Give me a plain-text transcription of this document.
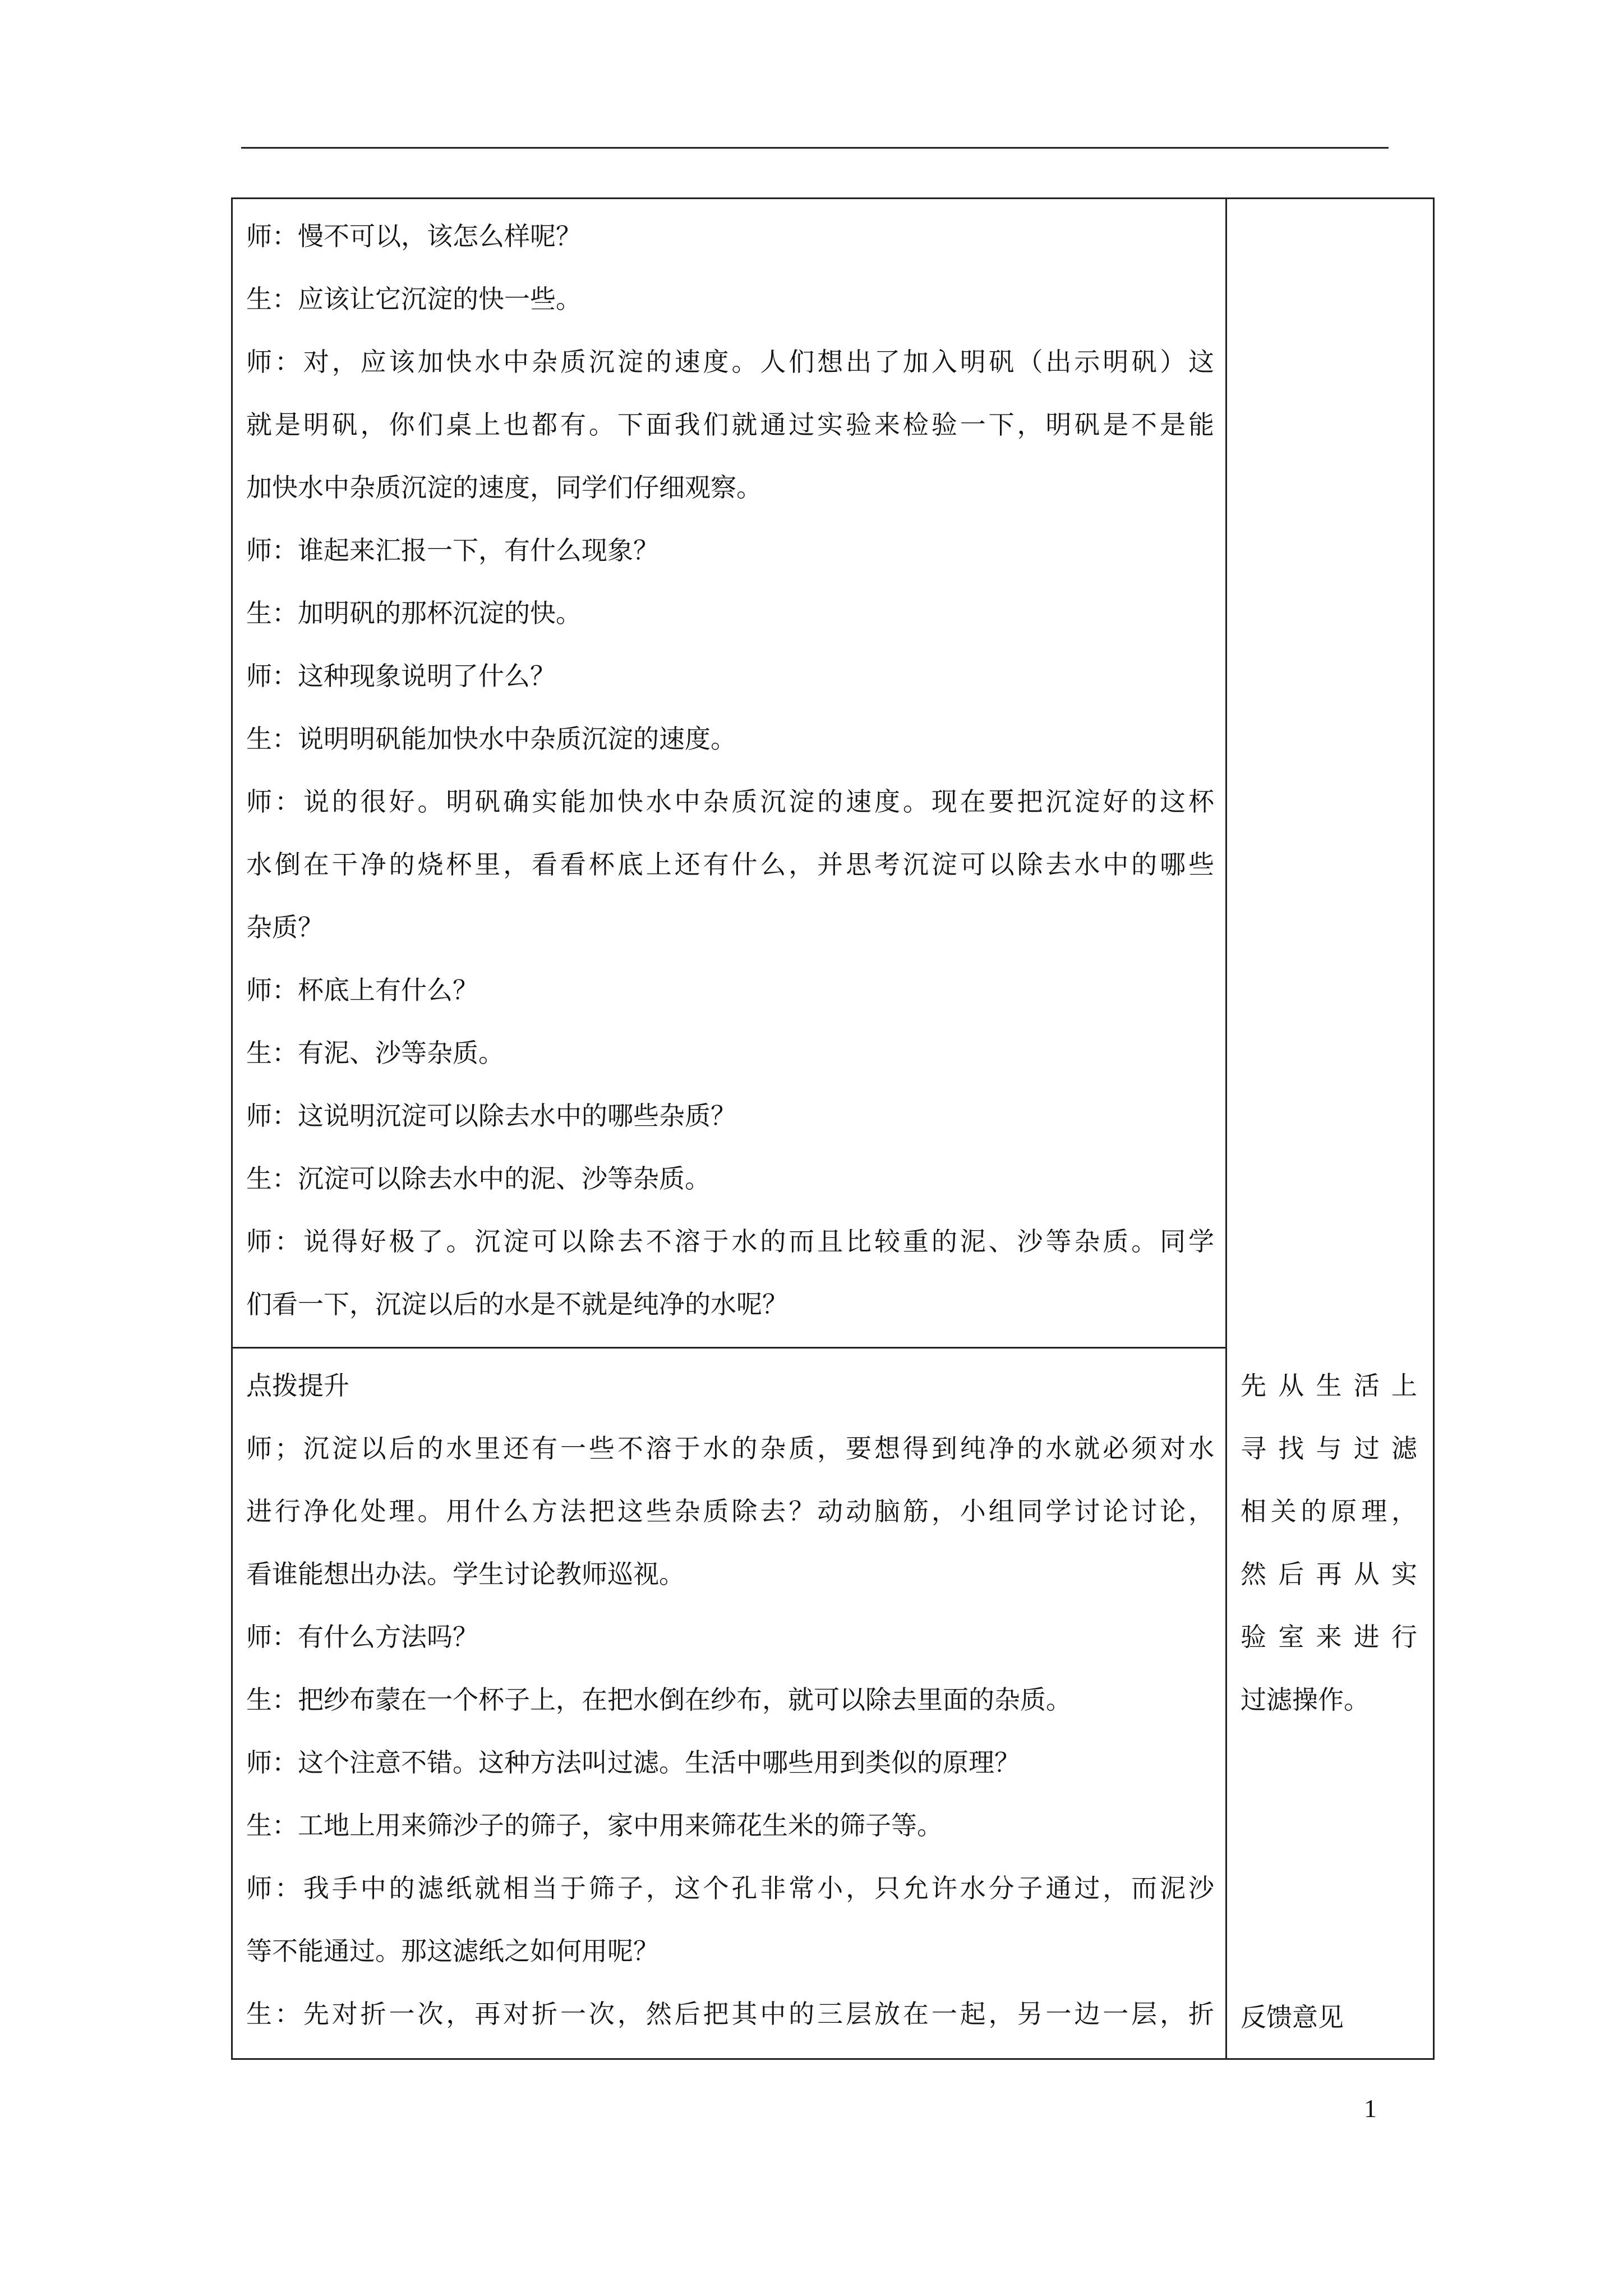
师：慢不可以，该怎么样呢？
生：应该让它沉淀的快一些。
师：对，应该加快水中杂质沉淀的速度。人们想出了加入明矾（出示明矾）这
就是明矾，你们桌上也都有。下面我们就通过实验来检验一下，明矾是不是能
加快水中杂质沉淀的速度，同学们仔细观察。
师：谁起来汇报一下，有什么现象？
生：加明矾的那杯沉淀的快。
师：这种现象说明了什么？
生：说明明矾能加快水中杂质沉淀的速度。
师：说的很好。明矾确实能加快水中杂质沉淀的速度。现在要把沉淀好的这杯
水倒在干净的烧杯里，看看杯底上还有什么，并思考沉淀可以除去水中的哪些
杂质？
师：杯底上有什么？
生：有泥、沙等杂质。
师：这说明沉淀可以除去水中的哪些杂质？
生：沉淀可以除去水中的泥、沙等杂质。
师：说得好极了。沉淀可以除去不溶于水的而且比较重的泥、沙等杂质。同学
们看一下，沉淀以后的水是不就是纯净的水呢？
点拨提升
师；沉淀以后的水里还有一些不溶于水的杂质，要想得到纯净的水就必须对水
进行净化处理。用什么方法把这些杂质除去？动动脑筋，小组同学讨论讨论，
看谁能想出办法。学生讨论教师巡视。
师：有什么方法吗？
生：把纱布蒙在一个杯子上，在把水倒在纱布，就可以除去里面的杂质。
师：这个注意不错。这种方法叫过滤。生活中哪些用到类似的原理？
生：工地上用来筛沙子的筛子，家中用来筛花生米的筛子等。
师：我手中的滤纸就相当于筛子，这个孔非常小，只允许水分子通过，而泥沙
等不能通过。那这滤纸之如何用呢？
生：先对折一次，再对折一次，然后把其中的三层放在一起，另一边一层，折
先从生活上
寻找与过滤
相关的原理，
然后再从实
验室来进行
过滤操作。
反馈意见
1
